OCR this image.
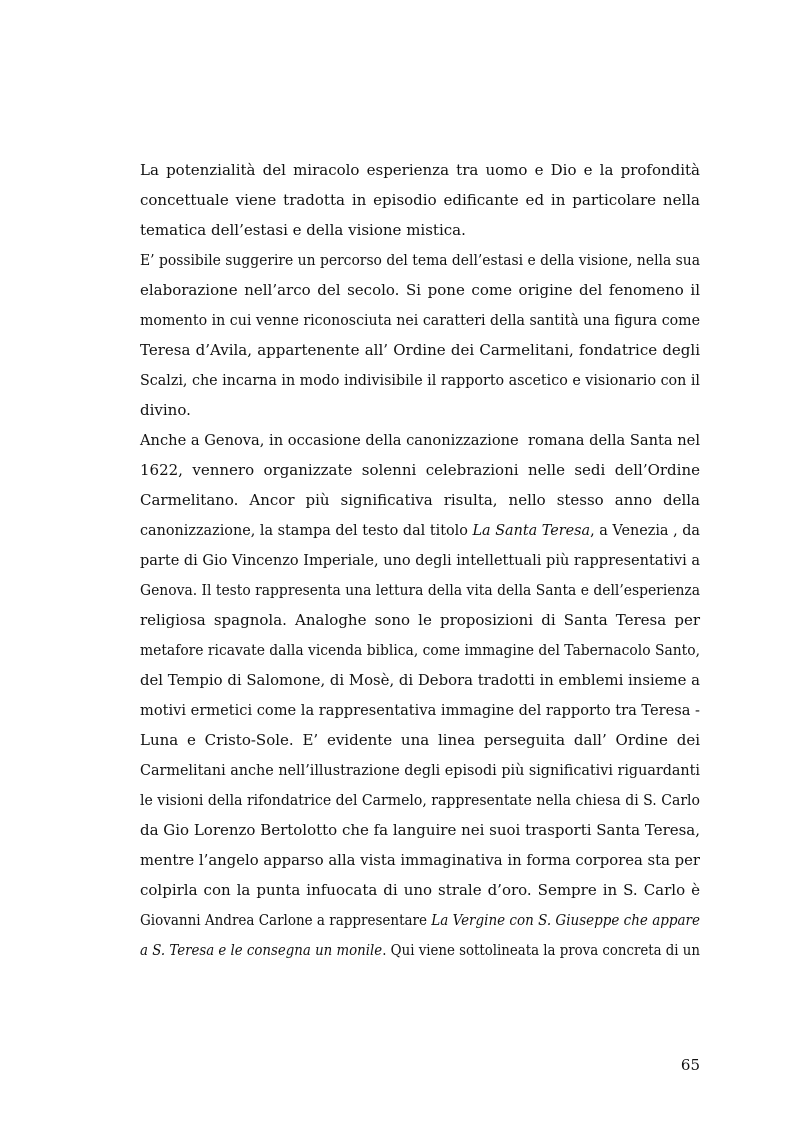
La potenzialità del miracolo esperienza tra uomo e Dio e la profondità
concettuale viene tradotta in episodio edificante ed in particolare nella
tematica dell’estasi e della visione mistica.
E’ possibile suggerire un percorso del tema dell’estasi e della visione, nella sua
elaborazione nell’arco del secolo. Si pone come origine del fenomeno il
momento in cui venne riconosciuta nei caratteri della santità una figura come
Teresa d’Avila, appartenente all’ Ordine dei Carmelitani, fondatrice degli
Scalzi, che incarna in modo indivisibile il rapporto ascetico e visionario con il
divino.
Anche a Genova, in occasione della canonizzazione  romana della Santa nel
1622, vennero organizzate solenni celebrazioni nelle sedi dell’Ordine
Carmelitano. Ancor più significativa risulta, nello stesso anno della
canonizzazione, la stampa del testo dal titolo La Santa Teresa, a Venezia , da
parte di Gio Vincenzo Imperiale, uno degli intellettuali più rappresentativi a
Genova. Il testo rappresenta una lettura della vita della Santa e dell’esperienza
religiosa spagnola. Analoghe sono le proposizioni di Santa Teresa per
metafore ricavate dalla vicenda biblica, come immagine del Tabernacolo Santo,
del Tempio di Salomone, di Mosè, di Debora tradotti in emblemi insieme a
motivi ermetici come la rappresentativa immagine del rapporto tra Teresa -
Luna e Cristo-Sole. E’ evidente una linea perseguita dall’ Ordine dei
Carmelitani anche nell’illustrazione degli episodi più significativi riguardanti
le visioni della rifondatrice del Carmelo, rappresentate nella chiesa di S. Carlo
da Gio Lorenzo Bertolotto che fa languire nei suoi trasporti Santa Teresa,
mentre l’angelo apparso alla vista immaginativa in forma corporea sta per
colpirla con la punta infuocata di uno strale d’oro. Sempre in S. Carlo è
Giovanni Andrea Carlone a rappresentare La Vergine con S. Giuseppe che appare
a S. Teresa e le consegna un monile. Qui viene sottolineata la prova concreta di un
65
